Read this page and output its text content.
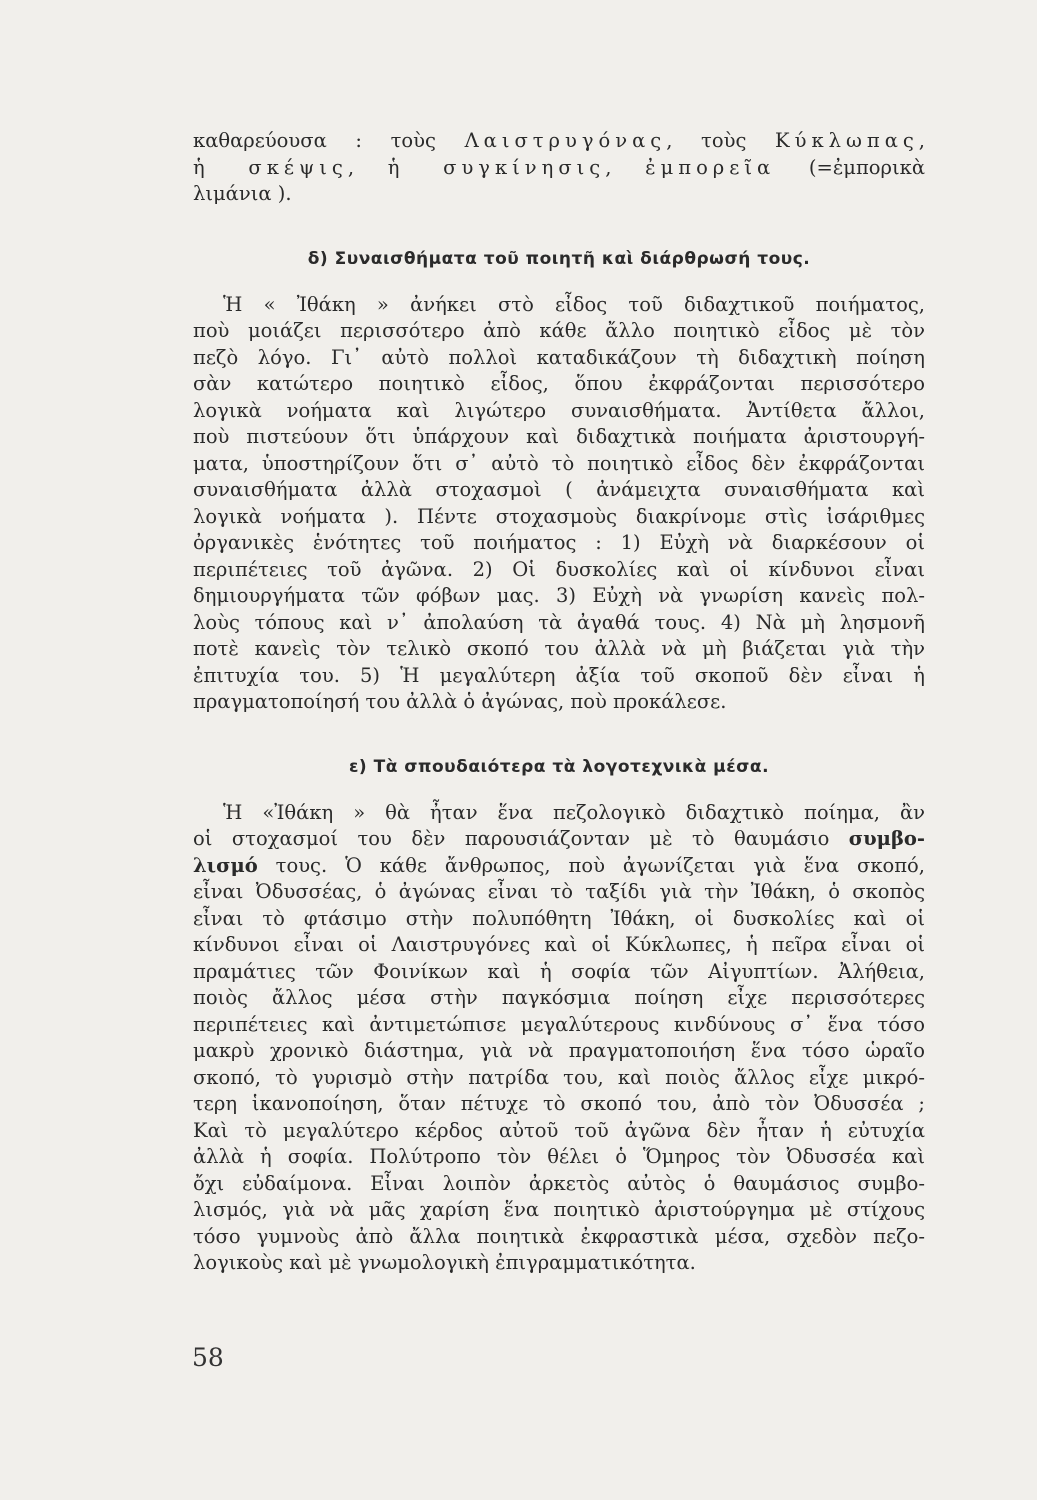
καθαρεύουσα : τοὺς Λαιστρυγόνας, τοὺς Κύκλωπας,
ἡ σκέψις, ἡ συγκίνησις, ἐμπορεῖα (=ἐμπορικὰ
λιμάνια ).
δ) Συναισθήματα τοῦ ποιητῆ καὶ διάρθρωσή τους.
Ἡ « Ἰθάκη » ἀνήκει στὸ εἶδος τοῦ διδαχτικοῦ ποιήματος,
ποὺ μοιάζει περισσότερο ἀπὸ κάθε ἄλλο ποιητικὸ εἶδος μὲ τὸν
πεζὸ λόγο. Γι᾽ αὐτὸ πολλοὶ καταδικάζουν τὴ διδαχτικὴ ποίηση
σὰν κατώτερο ποιητικὸ εἶδος, ὅπου ἐκφράζονται περισσότερο
λογικὰ νοήματα καὶ λιγώτερο συναισθήματα. Ἀντίθετα ἄλλοι,
ποὺ πιστεύουν ὅτι ὑπάρχουν καὶ διδαχτικὰ ποιήματα ἀριστουργή-
ματα, ὑποστηρίζουν ὅτι σ᾽ αὐτὸ τὸ ποιητικὸ εἶδος δὲν ἐκφράζονται
συναισθήματα ἀλλὰ στοχασμοὶ ( ἀνάμειχτα συναισθήματα καὶ
λογικὰ νοήματα ). Πέντε στοχασμοὺς διακρίνομε στὶς ἰσάριθμες
ὀργανικὲς ἑνότητες τοῦ ποιήματος : 1) Εὐχὴ νὰ διαρκέσουν οἱ
περιπέτειες τοῦ ἀγῶνα. 2) Οἱ δυσκολίες καὶ οἱ κίνδυνοι εἶναι
δημιουργήματα τῶν φόβων μας. 3) Εὐχὴ νὰ γνωρίση κανεὶς πολ-
λοὺς τόπους καὶ ν᾽ ἀπολαύση τὰ ἀγαθά τους. 4) Νὰ μὴ λησμονῆ
ποτὲ κανεὶς τὸν τελικὸ σκοπό του ἀλλὰ νὰ μὴ βιάζεται γιὰ τὴν
ἐπιτυχία του. 5) Ἡ μεγαλύτερη ἀξία τοῦ σκοποῦ δὲν εἶναι ἡ
πραγματοποίησή του ἀλλὰ ὁ ἀγώνας, ποὺ προκάλεσε.
ε) Τὰ σπουδαιότερα τὰ λογοτεχνικὰ μέσα.
Ἡ «Ἰθάκη » θὰ ἦταν ἕνα πεζολογικὸ διδαχτικὸ ποίημα, ἂν
οἱ στοχασμοί του δὲν παρουσιάζονταν μὲ τὸ θαυμάσιο συμβο-
λισμό τους. Ὁ κάθε ἄνθρωπος, ποὺ ἀγωνίζεται γιὰ ἕνα σκοπό,
εἶναι Ὀδυσσέας, ὁ ἀγώνας εἶναι τὸ ταξίδι γιὰ τὴν Ἰθάκη, ὁ σκοπὸς
εἶναι τὸ φτάσιμο στὴν πολυπόθητη Ἰθάκη, οἱ δυσκολίες καὶ οἱ
κίνδυνοι εἶναι οἱ Λαιστρυγόνες καὶ οἱ Κύκλωπες, ἡ πεῖρα εἶναι οἱ
πραμάτιες τῶν Φοινίκων καὶ ἡ σοφία τῶν Αἰγυπτίων. Ἀλήθεια,
ποιὸς ἄλλος μέσα στὴν παγκόσμια ποίηση εἶχε περισσότερες
περιπέτειες καὶ ἀντιμετώπισε μεγαλύτερους κινδύνους σ᾽ ἕνα τόσο
μακρὺ χρονικὸ διάστημα, γιὰ νὰ πραγματοποιήση ἕνα τόσο ὡραῖο
σκοπό, τὸ γυρισμὸ στὴν πατρίδα του, καὶ ποιὸς ἄλλος εἶχε μικρό-
τερη ἱκανοποίηση, ὅταν πέτυχε τὸ σκοπό του, ἀπὸ τὸν Ὀδυσσέα ;
Καὶ τὸ μεγαλύτερο κέρδος αὐτοῦ τοῦ ἀγῶνα δὲν ἦταν ἡ εὐτυχία
ἀλλὰ ἡ σοφία. Πολύτροπο τὸν θέλει ὁ Ὅμηρος τὸν Ὀδυσσέα καὶ
ὄχι εὐδαίμονα. Εἶναι λοιπὸν ἀρκετὸς αὐτὸς ὁ θαυμάσιος συμβο-
λισμός, γιὰ νὰ μᾶς χαρίση ἕνα ποιητικὸ ἀριστούργημα μὲ στίχους
τόσο γυμνοὺς ἀπὸ ἄλλα ποιητικὰ ἐκφραστικὰ μέσα, σχεδὸν πεζο-
λογικοὺς καὶ μὲ γνωμολογικὴ ἐπιγραμματικότητα.
58
